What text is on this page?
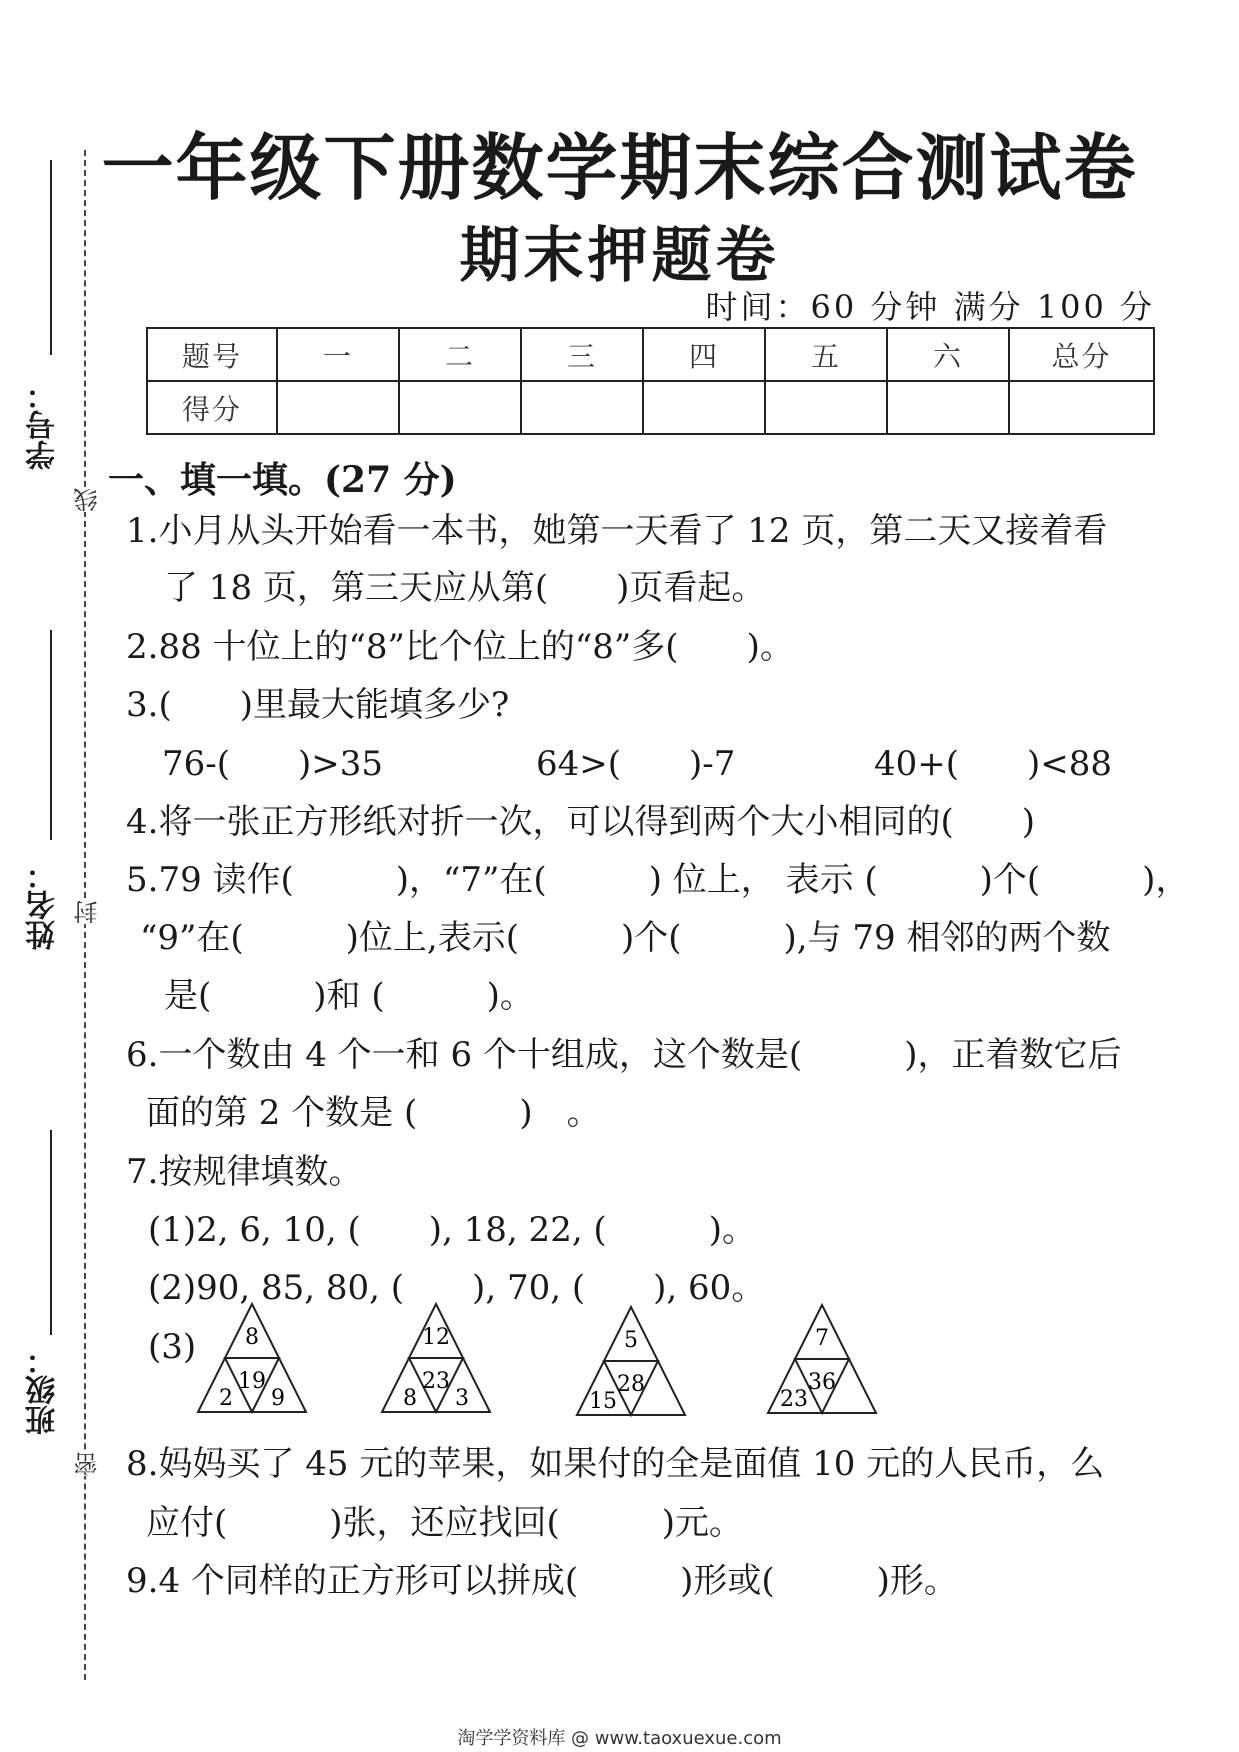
学号：
姓名：
班级：
线
封
密
一年级下册数学期末综合测试卷
期末押题卷
时间：60 分钟 满分 100 分
题号	一	二	三	四	五	六	总分
得分							
一、填一填。(27 分)
1.小月从头开始看一本书，她第一天看了 12 页，第二天又接着看
了 18 页，第三天应从第(　　)页看起。
2.88 十位上的“8”比个位上的“8”多(　　)。
3.(　　)里最大能填多少?
76-(　　)>35	64>(　　)-7	40+(　　)<88
4.将一张正方形纸对折一次，可以得到两个大小相同的(　　)
5.79 读作(　　　)，“7”在(　　　) 位上， 表示 (　　　)个(　　　)，
“9”在(　　　)位上,表示(　　　)个(　　　),与 79 相邻的两个数
是(　　　)和 (　　　)。
6.一个数由 4 个一和 6 个十组成，这个数是(　　　)，正着数它后
面的第 2 个数是 (　　　)　。
7.按规律填数。
(1)2, 6, 10, (　　), 18, 22, (　　　)。
(2)90, 85, 80, (　　), 70, (　　), 60。
(3) 8
19
2 9
12
23
8 3
5
28
15
7
36
23
8.妈妈买了 45 元的苹果，如果付的全是面值 10 元的人民币，么
应付(　　　)张，还应找回(　　　)元。
9.4 个同样的正方形可以拼成(　　　)形或(　　　)形。
淘学学资料库 @ www.taoxuexue.com
